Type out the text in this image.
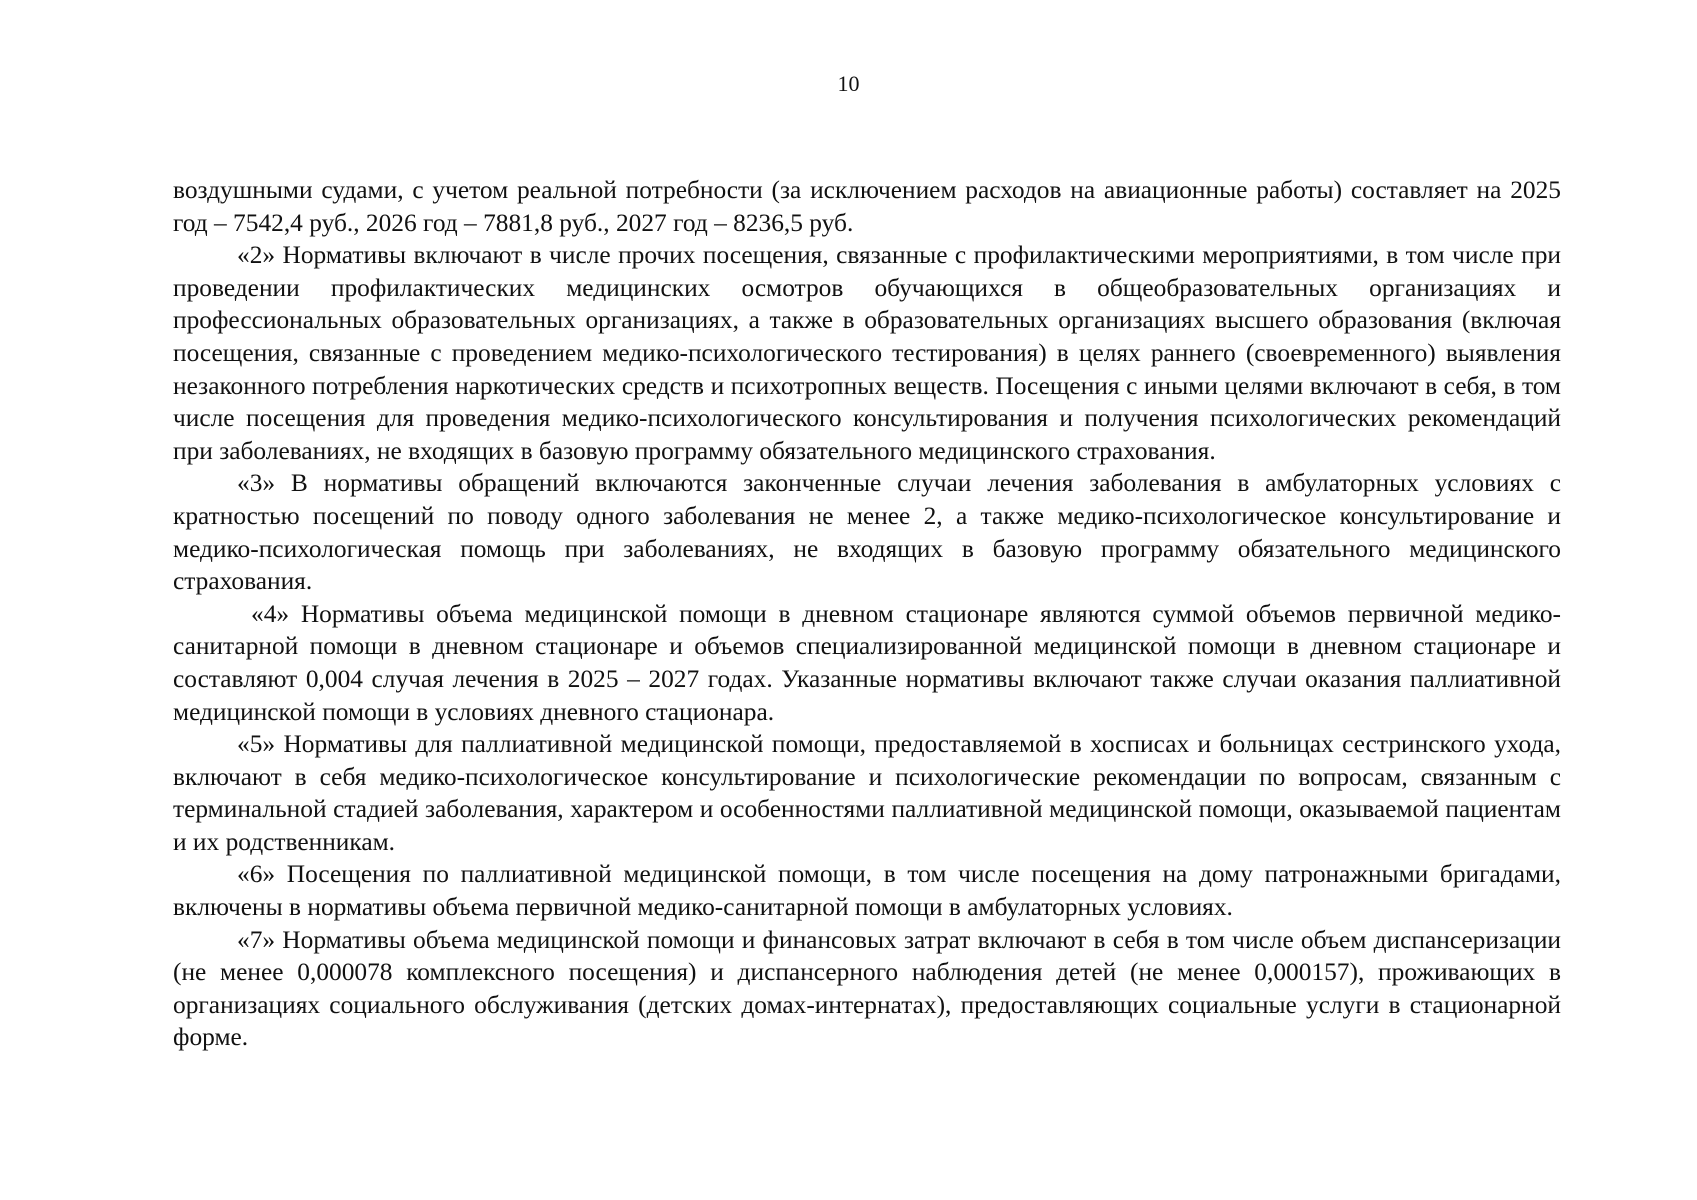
10

воздушными судами, с учетом реальной потребности (за исключением расходов на авиационные работы) составляет на 2025 год – 7542,4 руб., 2026 год – 7881,8 руб., 2027 год – 8236,5 руб.

«2» Нормативы включают в числе прочих посещения, связанные с профилактическими мероприятиями, в том числе при проведении профилактических медицинских осмотров обучающихся в общеобразовательных организациях и профессиональных образовательных организациях, а также в образовательных организациях высшего образования (включая посещения, связанные с проведением медико-психологического тестирования) в целях раннего (своевременного) выявления незаконного потребления наркотических средств и психотропных веществ. Посещения с иными целями включают в себя, в том числе посещения для проведения медико-психологического консультирования и получения психологических рекомендаций при заболеваниях, не входящих в базовую программу обязательного медицинского страхования.

«3» В нормативы обращений включаются законченные случаи лечения заболевания в амбулаторных условиях с кратностью посещений по поводу одного заболевания не менее 2, а также медико-психологическое консультирование и медико-психологическая помощь при заболеваниях, не входящих в базовую программу обязательного медицинского страхования.

«4» Нормативы объема медицинской помощи в дневном стационаре являются суммой объемов первичной медико-санитарной помощи в дневном стационаре и объемов специализированной медицинской помощи в дневном стационаре и составляют 0,004 случая лечения в 2025 – 2027 годах. Указанные нормативы включают также случаи оказания паллиативной медицинской помощи в условиях дневного стационара.

«5» Нормативы для паллиативной медицинской помощи, предоставляемой в хосписах и больницах сестринского ухода, включают в себя медико-психологическое консультирование и психологические рекомендации по вопросам, связанным с терминальной стадией заболевания, характером и особенностями паллиативной медицинской помощи, оказываемой пациентам и их родственникам.

«6» Посещения по паллиативной медицинской помощи, в том числе посещения на дому патронажными бригадами, включены в нормативы объема первичной медико-санитарной помощи в амбулаторных условиях.

«7» Нормативы объема медицинской помощи и финансовых затрат включают в себя в том числе объем диспансеризации (не менее 0,000078 комплексного посещения) и диспансерного наблюдения детей (не менее 0,000157), проживающих в организациях социального обслуживания (детских домах-интернатах), предоставляющих социальные услуги в стационарной форме.
